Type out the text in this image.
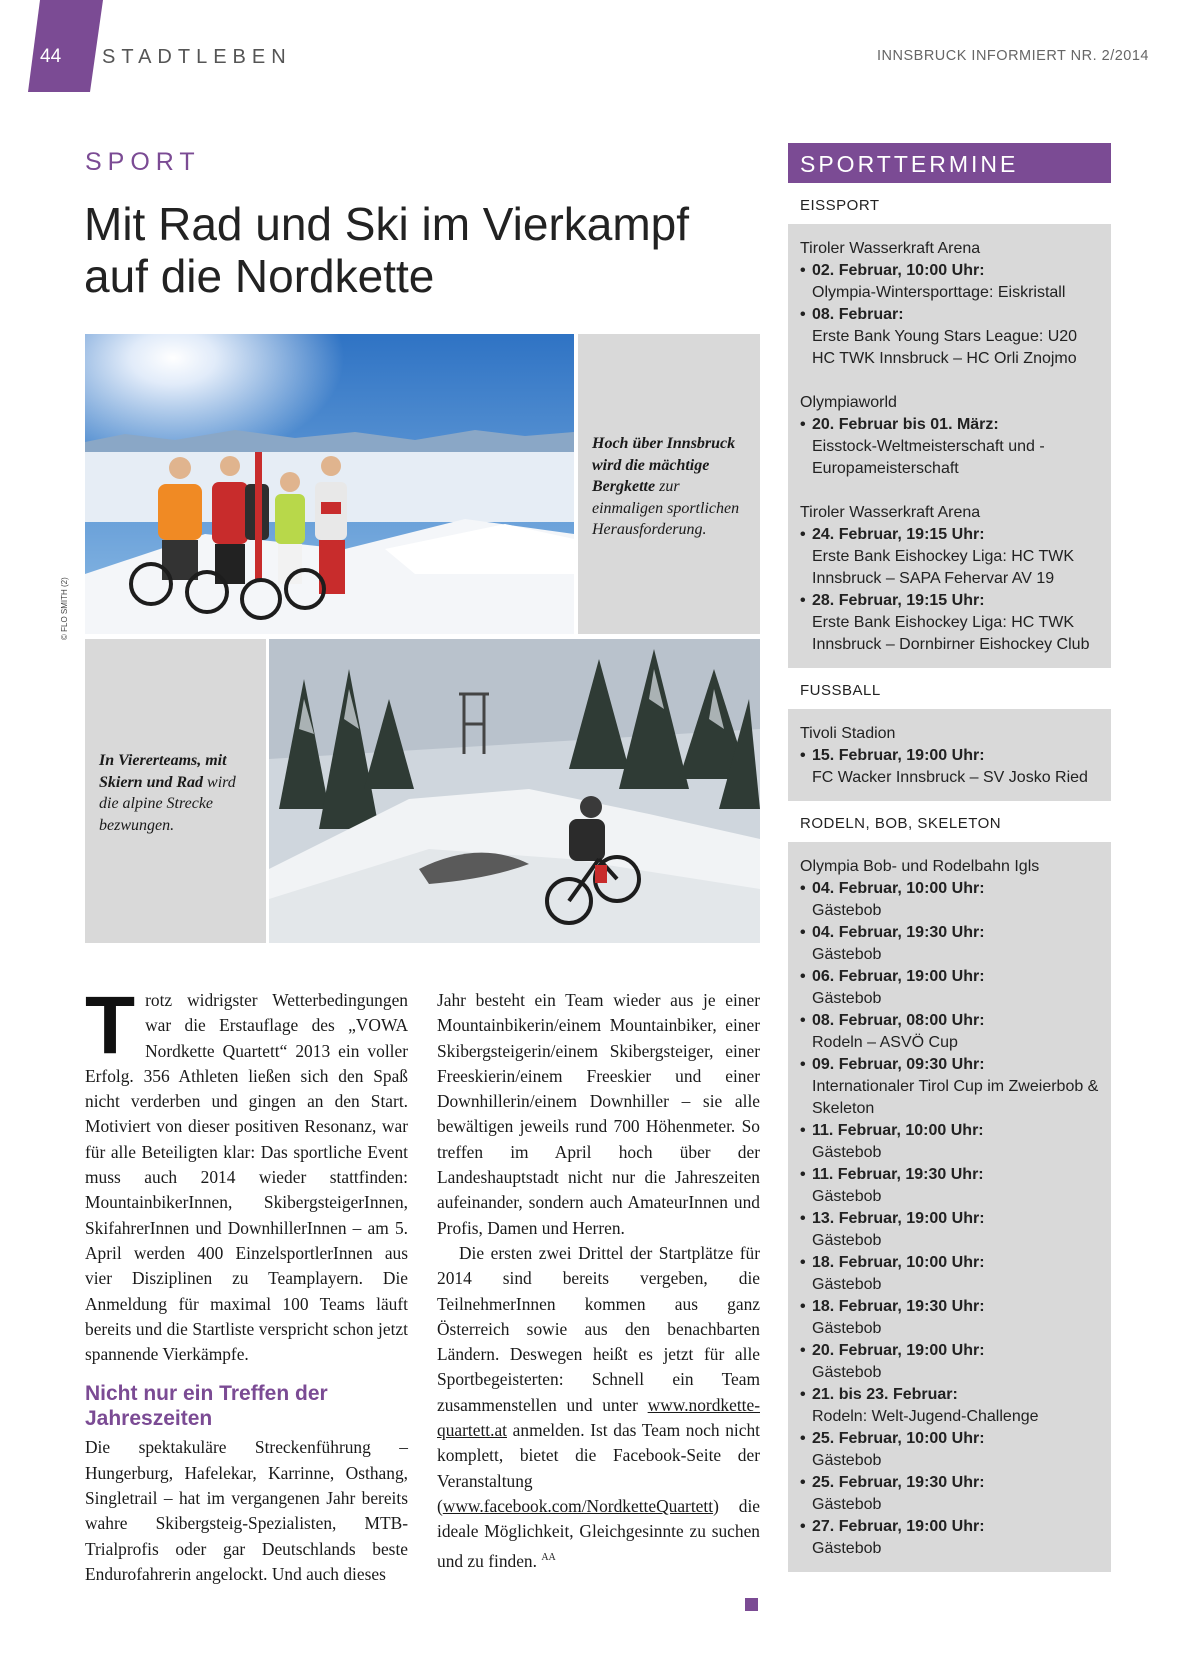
44 STADTLEBEN	INNSBRUCK INFORMIERT NR. 2/2014
SPORT
Mit Rad und Ski im Vierkampf auf die Nordkette
Hoch über Innsbruck wird die mächtige Bergkette zur einmaligen sportlichen Herausforderung.
© FLO SMITH (2)
In Viererteams, mit Skiern und Rad wird die alpine Strecke bezwungen.

Trotz widrigster Wetterbedingungen war die Erstauflage des „VOWA Nordkette Quartett“ 2013 ein voller Erfolg. 356 Athleten ließen sich den Spaß nicht verderben und gingen an den Start. Motiviert von dieser positiven Resonanz, war für alle Beteiligten klar: Das sportliche Event muss auch 2014 wieder stattfinden: MountainbikerInnen, SkibergsteigerInnen, SkifahrerInnen und DownhillerInnen – am 5. April werden 400 EinzelsportlerInnen aus vier Disziplinen zu Teamplayern. Die Anmeldung für maximal 100 Teams läuft bereits und die Startliste verspricht schon jetzt spannende Vierkämpfe.

Nicht nur ein Treffen der Jahreszeiten

Die spektakuläre Streckenführung – Hungerburg, Hafelekar, Karrinne, Osthang, Singletrail – hat im vergangenen Jahr bereits wahre Skibergsteig-Spezialisten, MTB-Trialprofis oder gar Deutschlands beste Endurofahrerin angelockt. Und auch dieses

Jahr besteht ein Team wieder aus je einer Mountainbikerin/einem Mountainbiker, einer Skibergsteigerin/einem Skibergsteiger, einer Freeskierin/einem Freeskier und einer Downhillerin/einem Downhiller – sie alle bewältigen jeweils rund 700 Höhenmeter. So treffen im April hoch über der Landeshauptstadt nicht nur die Jahreszeiten aufeinander, sondern auch AmateurInnen und Profis, Damen und Herren.

Die ersten zwei Drittel der Startplätze für 2014 sind bereits vergeben, die TeilnehmerInnen kommen aus ganz Österreich sowie aus den benachbarten Ländern. Deswegen heißt es jetzt für alle Sportbegeisterten: Schnell ein Team zusammenstellen und unter www.nordkette-quartett.at anmelden. Ist das Team noch nicht komplett, bietet die Facebook-Seite der Veranstaltung (www.facebook.com/NordketteQuartett) die ideale Möglichkeit, Gleichgesinnte zu suchen und zu finden. $^{AA}$

SPORTTERMINE
EISSPORT
Tiroler Wasserkraft Arena
• 02. Februar, 10:00 Uhr:
Olympia-Wintersporttage: Eiskristall
• 08. Februar:
Erste Bank Young Stars League: U20 HC TWK Innsbruck – HC Orli Znojmo
Olympiaworld
• 20. Februar bis 01. März:
Eisstock-Weltmeisterschaft und -Europameisterschaft
Tiroler Wasserkraft Arena
• 24. Februar, 19:15 Uhr:
Erste Bank Eishockey Liga: HC TWK Innsbruck – SAPA Fehervar AV 19
• 28. Februar, 19:15 Uhr:
Erste Bank Eishockey Liga: HC TWK Innsbruck – Dornbirner Eishockey Club
FUSSBALL
Tivoli Stadion
• 15. Februar, 19:00 Uhr:
FC Wacker Innsbruck – SV Josko Ried
RODELN, BOB, SKELETON
Olympia Bob- und Rodelbahn Igls
• 04. Februar, 10:00 Uhr:
Gästebob
• 04. Februar, 19:30 Uhr:
Gästebob
• 06. Februar, 19:00 Uhr:
Gästebob
• 08. Februar, 08:00 Uhr:
Rodeln – ASVÖ Cup
• 09. Februar, 09:30 Uhr:
Internationaler Tirol Cup im Zweierbob & Skeleton
• 11. Februar, 10:00 Uhr:
Gästebob
• 11. Februar, 19:30 Uhr:
Gästebob
• 13. Februar, 19:00 Uhr:
Gästebob
• 18. Februar, 10:00 Uhr:
Gästebob
• 18. Februar, 19:30 Uhr:
Gästebob
• 20. Februar, 19:00 Uhr:
Gästebob
• 21. bis 23. Februar:
Rodeln: Welt-Jugend-Challenge
• 25. Februar, 10:00 Uhr:
Gästebob
• 25. Februar, 19:30 Uhr:
Gästebob
• 27. Februar, 19:00 Uhr:
Gästebob
